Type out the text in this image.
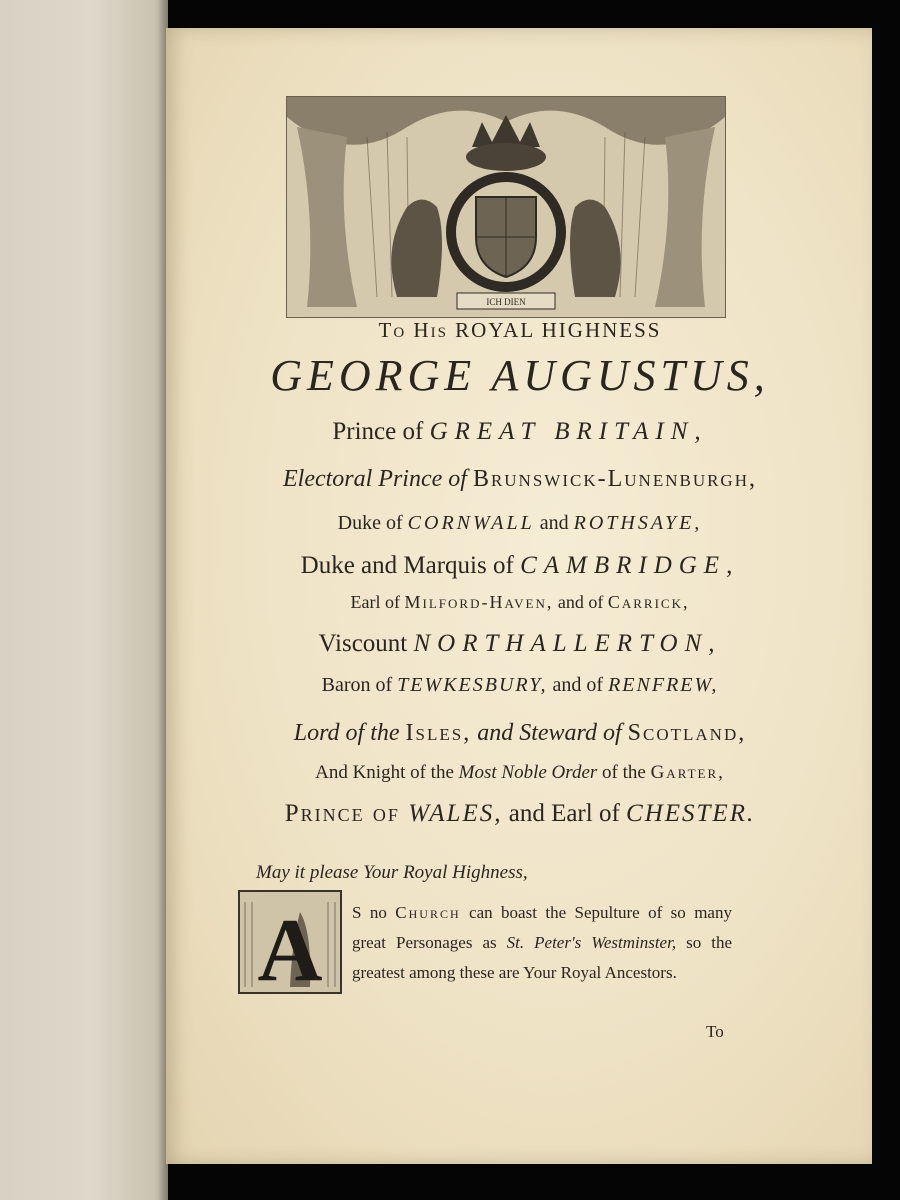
ICH DIEN
To His ROYAL HIGHNESS
GEORGE AUGUSTUS,
Prince of GREAT BRITAIN,
Electoral Prince of Brunswick-Lunenburgh,
Duke of CORNWALL and ROTHSAYE,
Duke and Marquis of CAMBRIDGE,
Earl of Milford-Haven, and of Carrick,
Viscount NORTHALLERTON,
Baron of TEWKESBURY, and of RENFREW,
Lord of the Isles, and Steward of Scotland,
And Knight of the Most Noble Order of the Garter,
Prince of WALES, and Earl of CHESTER.
May it please Your Royal Highness,
A S no Church can boast the Sepulture of so many great Personages as St. Peter's Westminster, so the greatest among these are Your Royal Ancestors.
To
